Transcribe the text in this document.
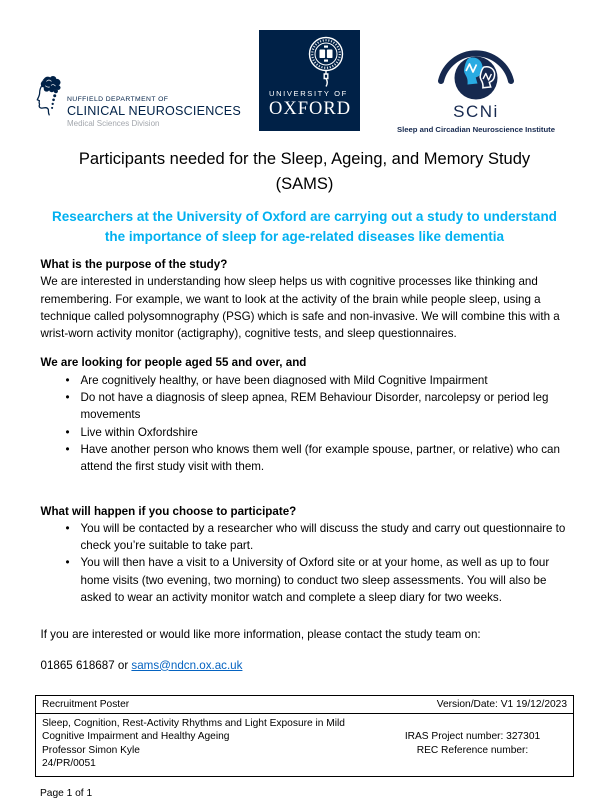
NUFFIELD DEPARTMENT OF
CLINICAL NEUROSCIENCES
Medical Sciences Division
UNIVERSITY OF
OXFORD	SCNi
Sleep and Circadian Neuroscience Institute
Participants needed for the Sleep, Ageing, and Memory Study
(SAMS)
Researchers at the University of Oxford are carrying out a study to understand
the importance of sleep for age-related diseases like dementia
What is the purpose of the study?

We are interested in understanding how sleep helps us with cognitive processes like thinking and remembering. For example, we want to look at the activity of the brain while people sleep, using a technique called polysomnography (PSG) which is safe and non-invasive. We will combine this with a wrist-worn activity monitor (actigraphy), cognitive tests, and sleep questionnaires.

We are looking for people aged 55 and over, and
• Are cognitively healthy, or have been diagnosed with Mild Cognitive Impairment
• Do not have a diagnosis of sleep apnea, REM Behaviour Disorder, narcolepsy or period leg movements
• Live within Oxfordshire
• Have another person who knows them well (for example spouse, partner, or relative) who can attend the first study visit with them.
What will happen if you choose to participate?
• You will be contacted by a researcher who will discuss the study and carry out questionnaire to check you’re suitable to take part.
• You will then have a visit to a University of Oxford site or at your home, as well as up to four home visits (two evening, two morning) to conduct two sleep assessments. You will also be asked to wear an activity monitor watch and complete a sleep diary for two weeks.

If you are interested or would like more information, please contact the study team on:

01865 618687 or sams@ndcn.ox.ac.uk

Recruitment Poster	Version/Date: V1 19/12/2023
Sleep, Cognition, Rest-Activity Rhythms and Light Exposure in Mild Cognitive Impairment and Healthy Ageing
Professor Simon Kyle
24/PR/0051
IRAS Project number: 327301
REC Reference number:
Page 1 of 1
